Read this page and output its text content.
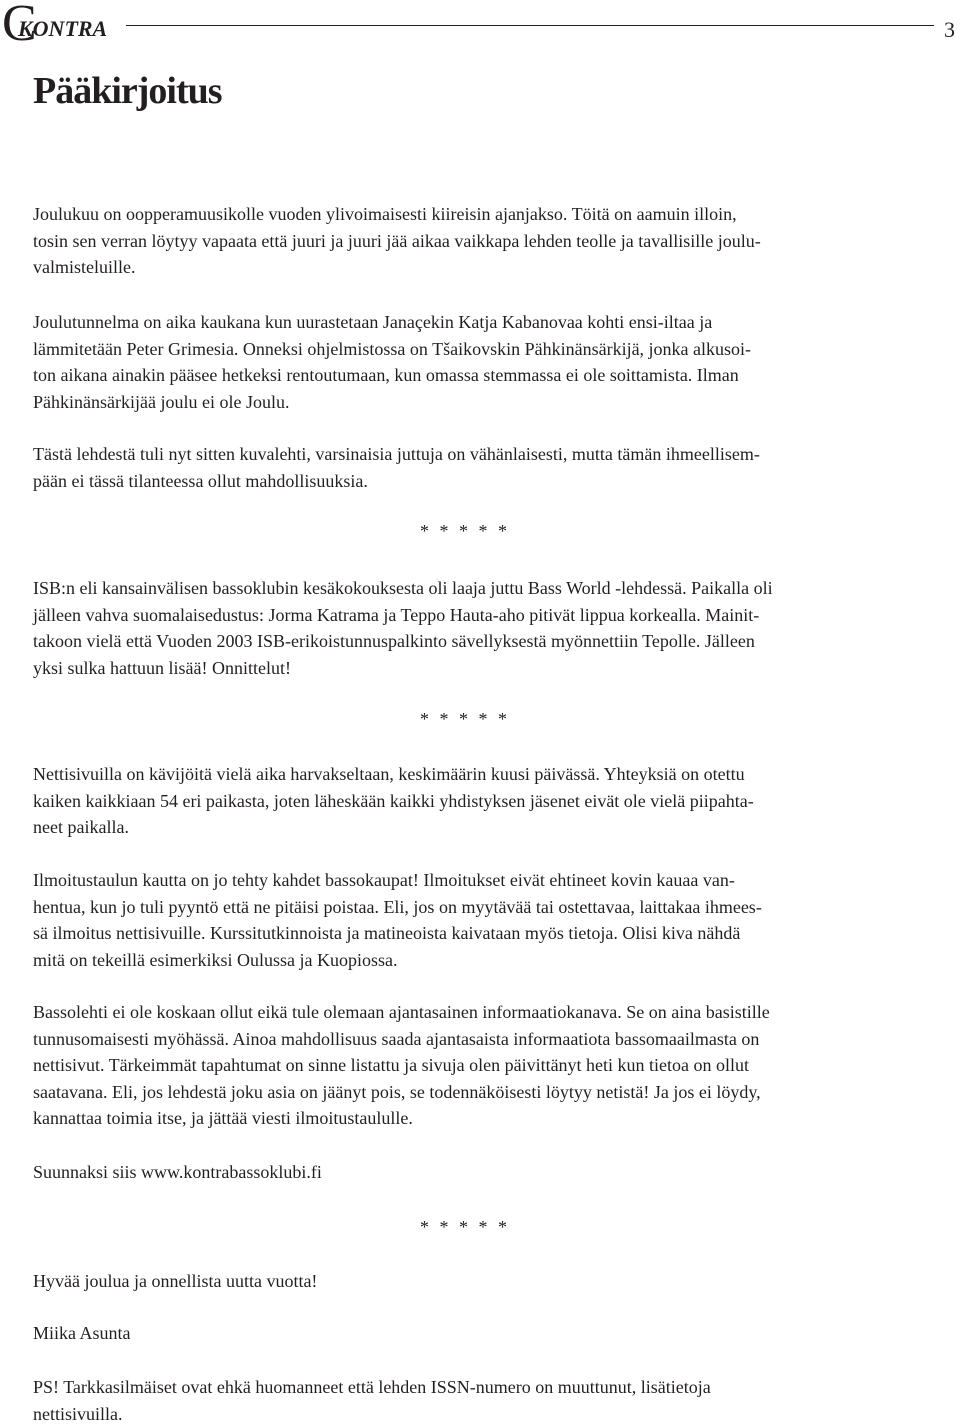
C
KONTRA	3
Pääkirjoitus

Joulukuu on oopperamuusikolle vuoden ylivoimaisesti kiireisin ajanjakso. Töitä on aamuin illoin,
tosin sen verran löytyy vapaata että juuri ja juuri jää aikaa vaikkapa lehden teolle ja tavallisille joulu-
valmisteluille.

Joulutunnelma on aika kaukana kun uurastetaan Janaçekin Katja Kabanovaa kohti ensi-iltaa ja
lämmitetään Peter Grimesia. Onneksi ohjelmistossa on Tšaikovskin Pähkinänsärkijä, jonka alkusoi-
ton aikana ainakin pääsee hetkeksi rentoutumaan, kun omassa stemmassa ei ole soittamista. Ilman
Pähkinänsärkijää joulu ei ole Joulu.

Tästä lehdestä tuli nyt sitten kuvalehti, varsinaisia juttuja on vähänlaisesti, mutta tämän ihmeellisem-
pään ei tässä tilanteessa ollut mahdollisuuksia.

* * * * *

ISB:n eli kansainvälisen bassoklubin kesäkokouksesta oli laaja juttu Bass World -lehdessä. Paikalla oli
jälleen vahva suomalaisedustus: Jorma Katrama ja Teppo Hauta-aho pitivät lippua korkealla. Mainit-
takoon vielä että Vuoden 2003 ISB-erikoistunnuspalkinto sävellyksestä myönnettiin Tepolle. Jälleen
yksi sulka hattuun lisää! Onnittelut!

* * * * *

Nettisivuilla on kävijöitä vielä aika harvakseltaan, keskimäärin kuusi päivässä. Yhteyksiä on otettu
kaiken kaikkiaan 54 eri paikasta, joten läheskään kaikki yhdistyksen jäsenet eivät ole vielä piipahta-
neet paikalla.

Ilmoitustaulun kautta on jo tehty kahdet bassokaupat! Ilmoitukset eivät ehtineet kovin kauaa van-
hentua, kun jo tuli pyyntö että ne pitäisi poistaa. Eli, jos on myytävää tai ostettavaa, laittakaa ihmees-
sä ilmoitus nettisivuille. Kurssitutkinnoista ja matineoista kaivataan myös tietoja. Olisi kiva nähdä
mitä on tekeillä esimerkiksi Oulussa ja Kuopiossa.

Bassolehti ei ole koskaan ollut eikä tule olemaan ajantasainen informaatiokanava. Se on aina basistille
tunnusomaisesti myöhässä. Ainoa mahdollisuus saada ajantasaista informaatiota bassomaailmasta on
nettisivut. Tärkeimmät tapahtumat on sinne listattu ja sivuja olen päivittänyt heti kun tietoa on ollut
saatavana. Eli, jos lehdestä joku asia on jäänyt pois, se todennäköisesti löytyy netistä! Ja jos ei löydy,
kannattaa toimia itse, ja jättää viesti ilmoitustaululle.

Suunnaksi siis www.kontrabassoklubi.fi

* * * * *

Hyvää joulua ja onnellista uutta vuotta!

Miika Asunta

PS! Tarkkasilmäiset ovat ehkä huomanneet että lehden ISSN-numero on muuttunut, lisätietoja
nettisivuilla.
